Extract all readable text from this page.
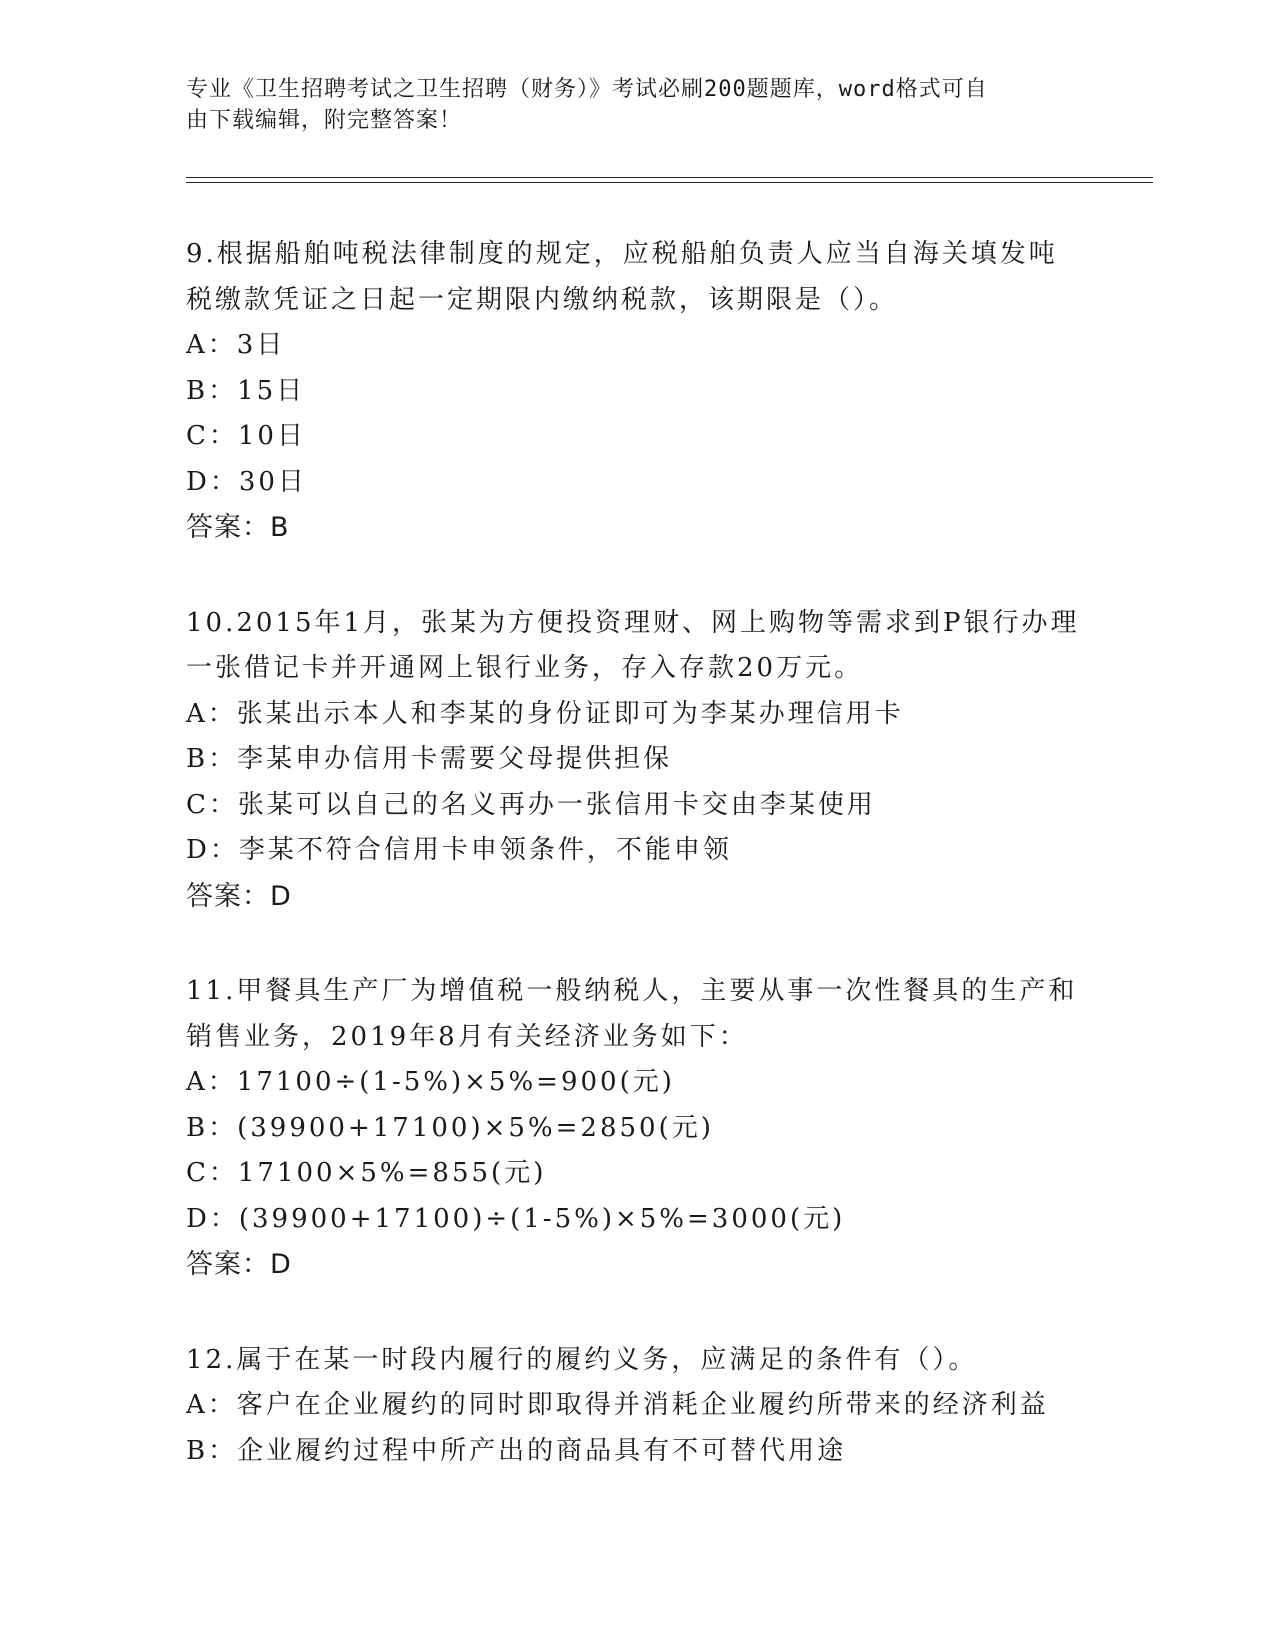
专业《卫生招聘考试之卫生招聘（财务）》考试必刷200题题库，word格式可自
由下载编辑，附完整答案！
9.根据船舶吨税法律制度的规定，应税船舶负责人应当自海关填发吨
税缴款凭证之日起一定期限内缴纳税款，该期限是（）。
A：3日
B：15日
C：10日
D：30日
答案：B
10.2015年1月，张某为方便投资理财、网上购物等需求到P银行办理
一张借记卡并开通网上银行业务，存入存款20万元。
A：张某出示本人和李某的身份证即可为李某办理信用卡
B：李某申办信用卡需要父母提供担保
C：张某可以自己的名义再办一张信用卡交由李某使用
D：李某不符合信用卡申领条件，不能申领
答案：D
11.甲餐具生产厂为增值税一般纳税人，主要从事一次性餐具的生产和
销售业务，2019年8月有关经济业务如下：
A：17100÷(1-5%)×5%=900(元)
B：(39900+17100)×5%=2850(元)
C：17100×5%=855(元)
D：(39900+17100)÷(1-5%)×5%=3000(元)
答案：D
12.属于在某一时段内履行的履约义务，应满足的条件有（）。
A：客户在企业履约的同时即取得并消耗企业履约所带来的经济利益
B：企业履约过程中所产出的商品具有不可替代用途
